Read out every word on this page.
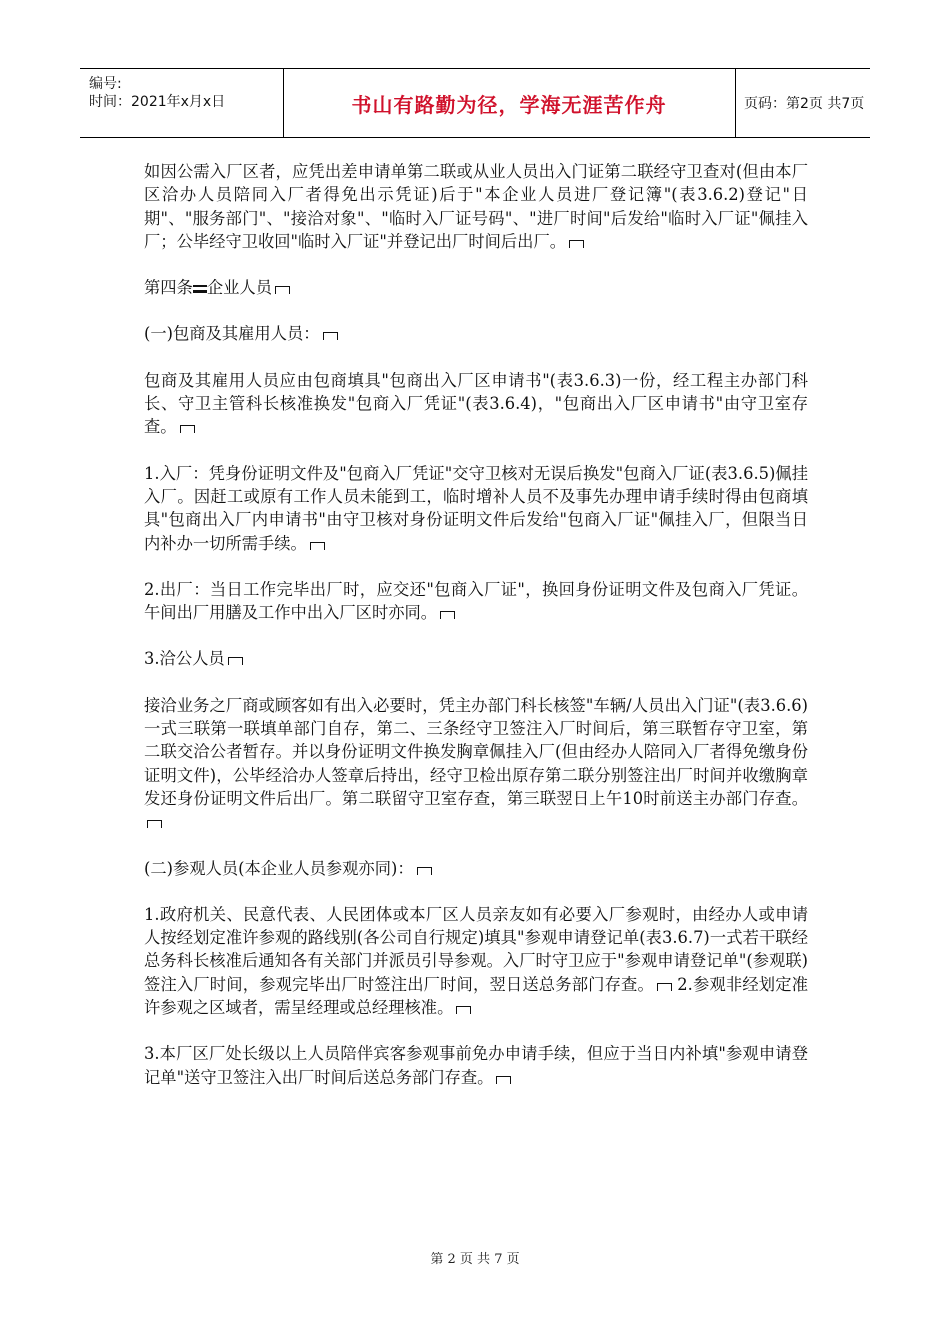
编号:
时间：2021年x月x日	书山有路勤为径，学海无涯苦作舟	页码：第2页 共7页

如因公需入厂区者，应凭出差申请单第二联或从业人员出入门证第二联经守卫查对(但由本厂区洽办人员陪同入厂者得免出示凭证)后于"本企业人员进厂登记簿"(表3.6.2)登记"日期"、"服务部门"、"接洽对象"、"临时入厂证号码"、"进厂时间"后发给"临时入厂证"佩挂入厂；公毕经守卫收回"临时入厂证"并登记出厂时间后出厂。

第四条 企业人员

(一)包商及其雇用人员：

包商及其雇用人员应由包商填具"包商出入厂区申请书"(表3.6.3)一份，经工程主办部门科长、守卫主管科长核准换发"包商入厂凭证"(表3.6.4)，"包商出入厂区申请书"由守卫室存查。

1.入厂：凭身份证明文件及"包商入厂凭证"交守卫核对无误后换发"包商入厂证(表3.6.5)佩挂入厂。因赶工或原有工作人员未能到工，临时增补人员不及事先办理申请手续时得由包商填具"包商出入厂内申请书"由守卫核对身份证明文件后发给"包商入厂证"佩挂入厂，但限当日内补办一切所需手续。

2.出厂：当日工作完毕出厂时，应交还"包商入厂证"，换回身份证明文件及包商入厂凭证。午间出厂用膳及工作中出入厂区时亦同。

3.洽公人员

接洽业务之厂商或顾客如有出入必要时，凭主办部门科长核签"车辆/人员出入门证"(表3.6.6)一式三联第一联填单部门自存，第二、三条经守卫签注入厂时间后，第三联暂存守卫室，第二联交洽公者暂存。并以身份证明文件换发胸章佩挂入厂(但由经办人陪同入厂者得免缴身份证明文件)，公毕经洽办人签章后持出，经守卫检出原存第二联分别签注出厂时间并收缴胸章发还身份证明文件后出厂。第二联留守卫室存查，第三联翌日上午10时前送主办部门存查。

(二)参观人员(本企业人员参观亦同)：

1.政府机关、民意代表、人民团体或本厂区人员亲友如有必要入厂参观时，由经办人或申请人按经划定准许参观的路线别(各公司自行规定)填具"参观申请登记单(表3.6.7)一式若干联经总务科长核准后通知各有关部门并派员引导参观。入厂时守卫应于"参观申请登记单"(参观联)签注入厂时间，参观完毕出厂时签注出厂时间，翌日送总务部门存查。 2.参观非经划定准许参观之区域者，需呈经理或总经理核准。

3.本厂区厂处长级以上人员陪伴宾客参观事前免办申请手续，但应于当日内补填"参观申请登记单"送守卫签注入出厂时间后送总务部门存查。

第 2 页 共 7 页
